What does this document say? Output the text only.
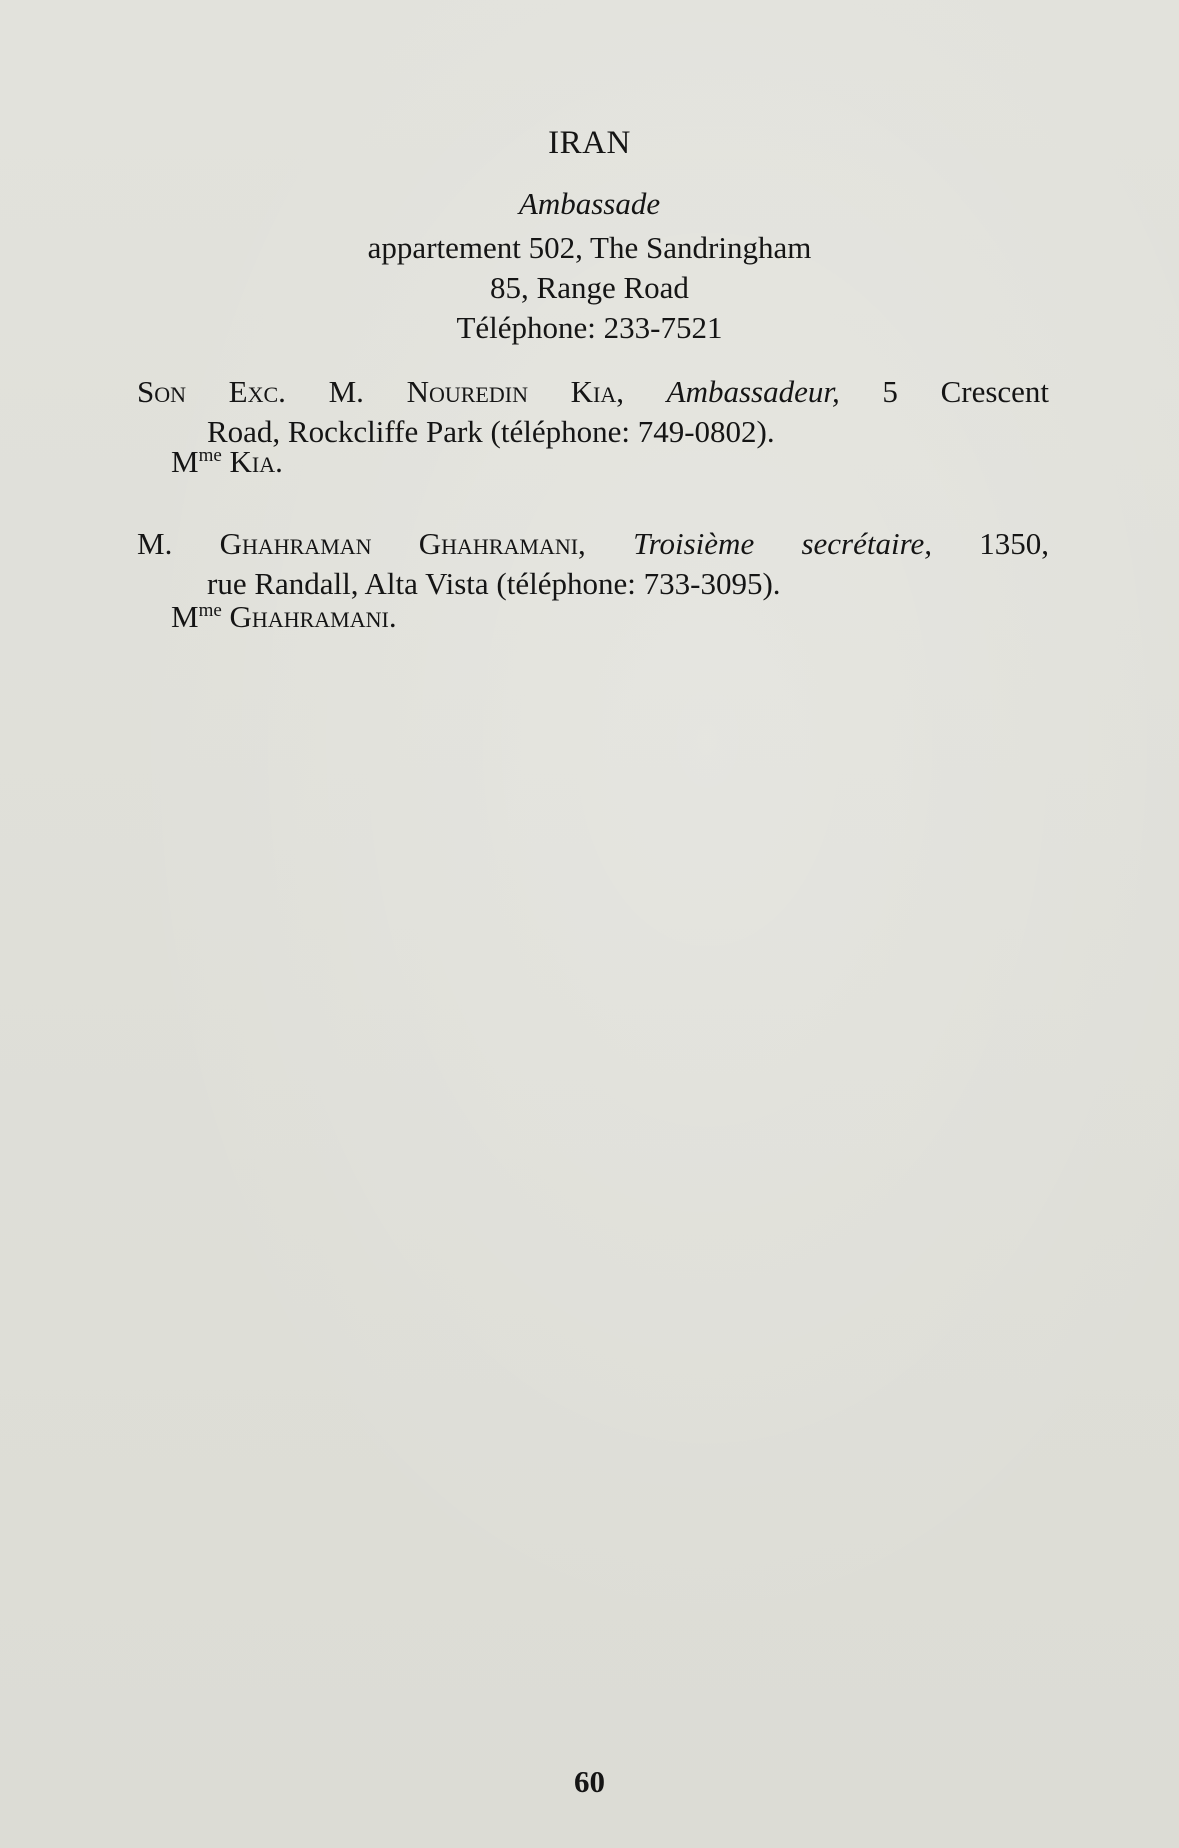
IRAN
Ambassade
appartement 502, The Sandringham
85, Range Road
Téléphone: 233-7521
Son Exc. M. Nouredin Kia, Ambassadeur, 5 Crescent
Road, Rockcliffe Park (téléphone: 749-0802).
$M^{me}$ Kia.
M. Ghahraman Ghahramani, Troisième secrétaire, 1350,
rue Randall, Alta Vista (téléphone: 733-3095).
$M^{me}$ Ghahramani.
60
